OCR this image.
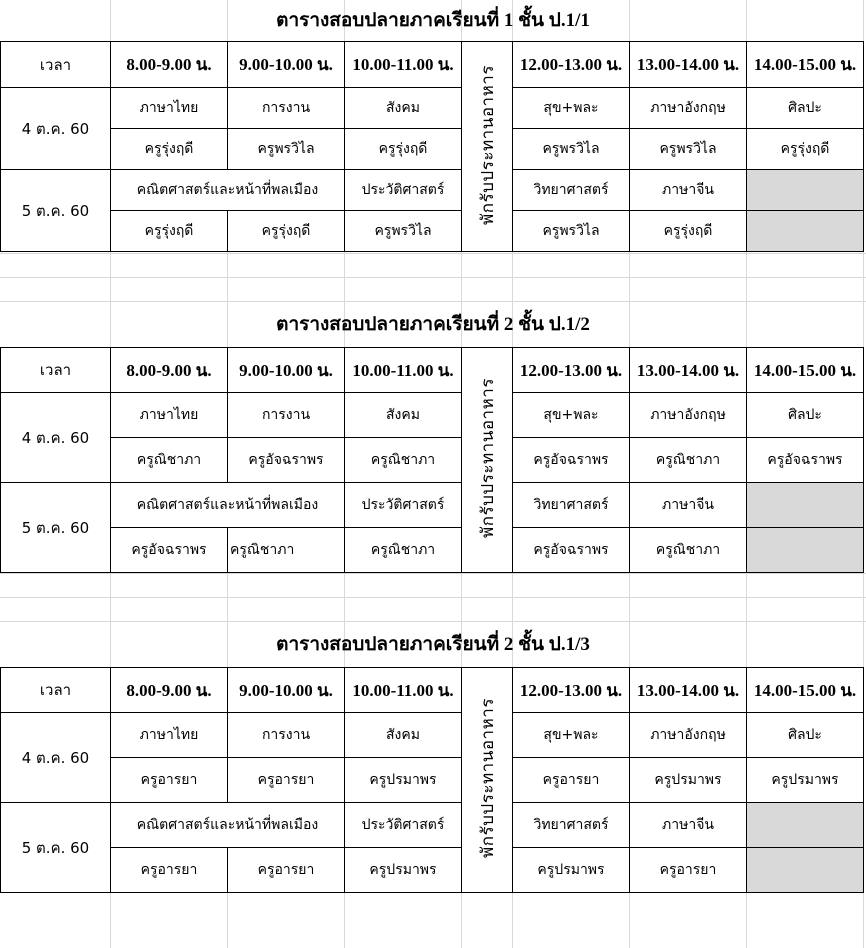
ตารางสอบปลายภาคเรียนที่ 1 ชั้น ป.1/1
เวลา	8.00-9.00 น.	9.00-10.00 น.	10.00-11.00 น.	พักรับประทานอาหาร	12.00-13.00 น.	13.00-14.00 น.	14.00-15.00 น.
4 ต.ค. 60	ภาษาไทย	การงาน	สังคม		สุข+พละ	ภาษาอังกฤษ	ศิลปะ
	ครูรุ่งฤดี	ครูพรวิไล	ครูรุ่งฤดี		ครูพรวิไล	ครูพรวิไล	ครูรุ่งฤดี
5 ต.ค. 60	คณิตศาสตร์และหน้าที่พลเมือง		ประวัติศาสตร์		วิทยาศาสตร์	ภาษาจีน	
	ครูรุ่งฤดี	ครูรุ่งฤดี	ครูพรวิไล		ครูพรวิไล	ครูรุ่งฤดี	
ตารางสอบปลายภาคเรียนที่ 2 ชั้น ป.1/2
เวลา	8.00-9.00 น.	9.00-10.00 น.	10.00-11.00 น.	พักรับประทานอาหาร	12.00-13.00 น.	13.00-14.00 น.	14.00-15.00 น.
4 ต.ค. 60	ภาษาไทย	การงาน	สังคม		สุข+พละ	ภาษาอังกฤษ	ศิลปะ
	ครูณิชาภา	ครูอัจฉราพร	ครูณิชาภา		ครูอัจฉราพร	ครูณิชาภา	ครูอัจฉราพร
5 ต.ค. 60	คณิตศาสตร์และหน้าที่พลเมือง		ประวัติศาสตร์		วิทยาศาสตร์	ภาษาจีน	
	ครูอัจฉราพร	ครูณิชาภา	ครูณิชาภา		ครูอัจฉราพร	ครูณิชาภา	
ตารางสอบปลายภาคเรียนที่ 2 ชั้น ป.1/3
เวลา	8.00-9.00 น.	9.00-10.00 น.	10.00-11.00 น.	พักรับประทานอาหาร	12.00-13.00 น.	13.00-14.00 น.	14.00-15.00 น.
4 ต.ค. 60	ภาษาไทย	การงาน	สังคม		สุข+พละ	ภาษาอังกฤษ	ศิลปะ
	ครูอารยา	ครูอารยา	ครูปรมาพร		ครูอารยา	ครูปรมาพร	ครูปรมาพร
5 ต.ค. 60	คณิตศาสตร์และหน้าที่พลเมือง		ประวัติศาสตร์		วิทยาศาสตร์	ภาษาจีน	
	ครูอารยา	ครูอารยา	ครูปรมาพร		ครูปรมาพร	ครูอารยา	
